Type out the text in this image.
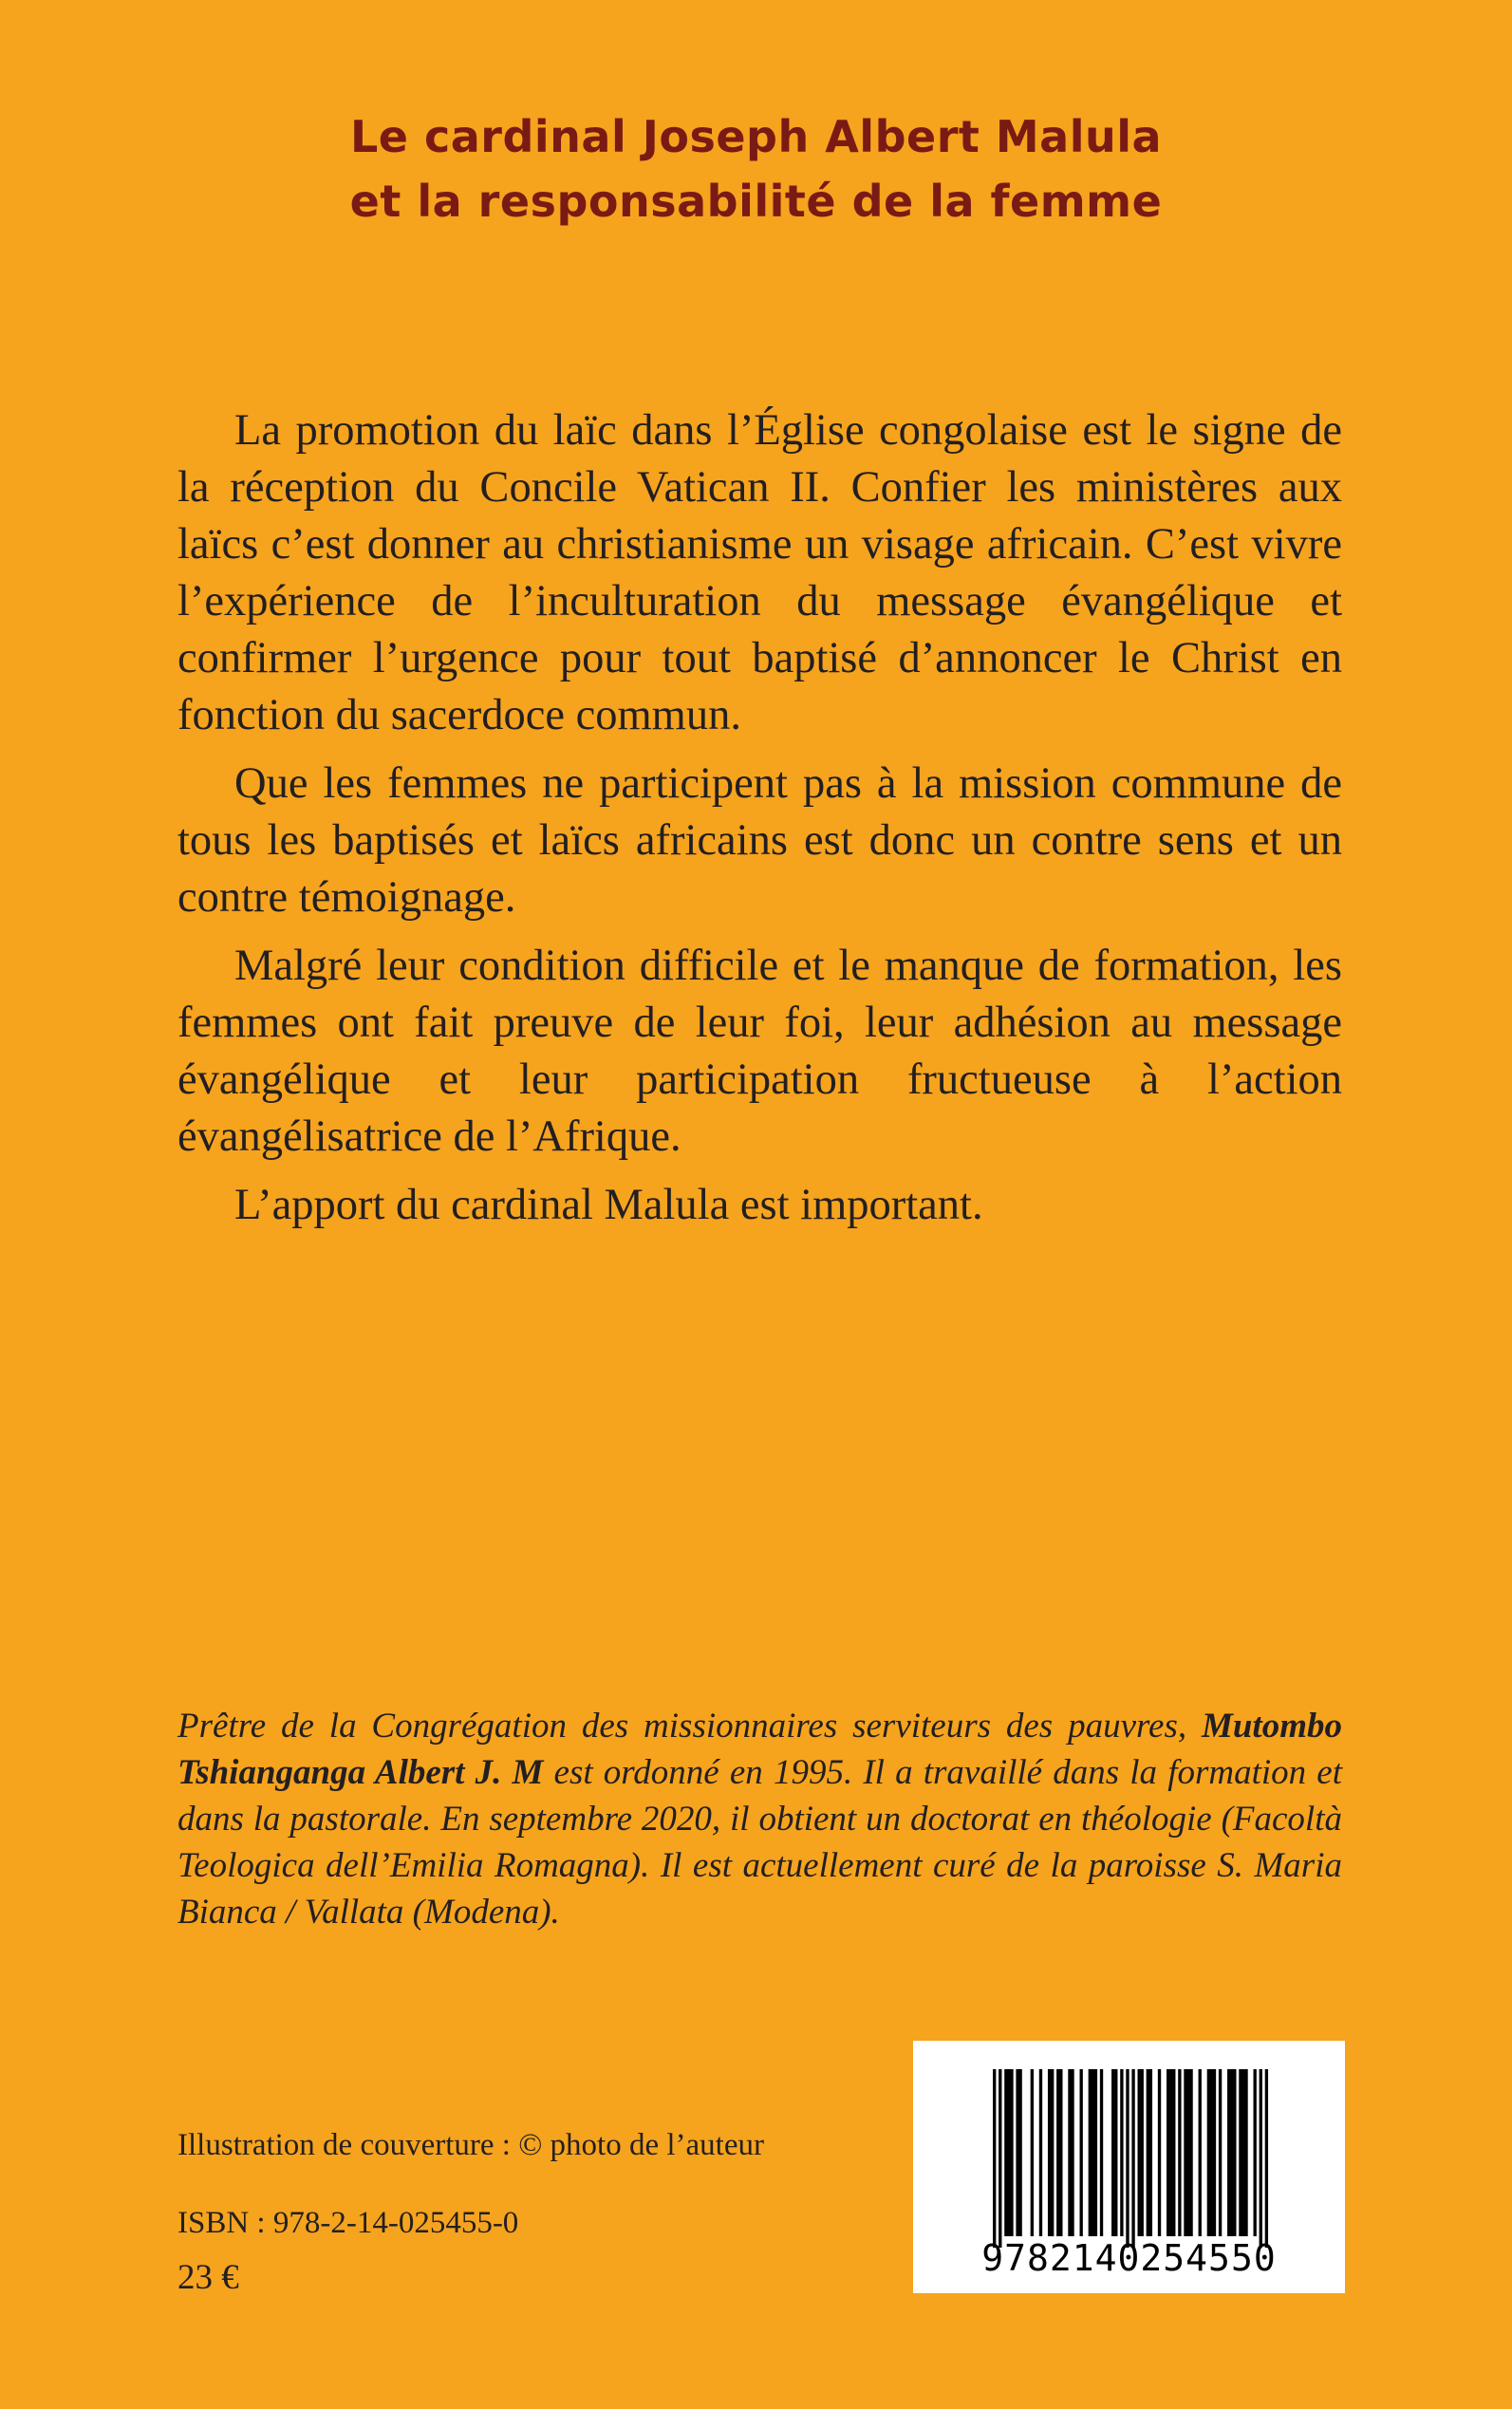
Le cardinal Joseph Albert Malula
et la responsabilité de la femme

La promotion du laïc dans l’Église congolaise est le signe de la réception du Concile Vatican II. Confier les ministères aux laïcs c’est donner au christianisme un visage africain. C’est vivre l’expérience de l’inculturation du message évangélique et confirmer l’urgence pour tout baptisé d’annoncer le Christ en fonction du sacerdoce commun.

Que les femmes ne participent pas à la mission commune de tous les baptisés et laïcs africains est donc un contre sens et un contre témoignage.

Malgré leur condition difficile et le manque de formation, les femmes ont fait preuve de leur foi, leur adhésion au message évangélique et leur participation fructueuse à l’action évangélisatrice de l’Afrique.

L’apport du cardinal Malula est important.

Prêtre de la Congrégation des missionnaires serviteurs des pauvres, Mutombo Tshianganga Albert J. M est ordonné en 1995. Il a travaillé dans la formation et dans la pastorale. En septembre 2020, il obtient un doctorat en théologie (Facoltà Teologica dell’Emilia Romagna). Il est actuellement curé de la paroisse S. Maria Bianca / Vallata (Modena).

Illustration de couverture : © photo de l’auteur

ISBN : 978-2-14-025455-0

23 €	9782140254550
